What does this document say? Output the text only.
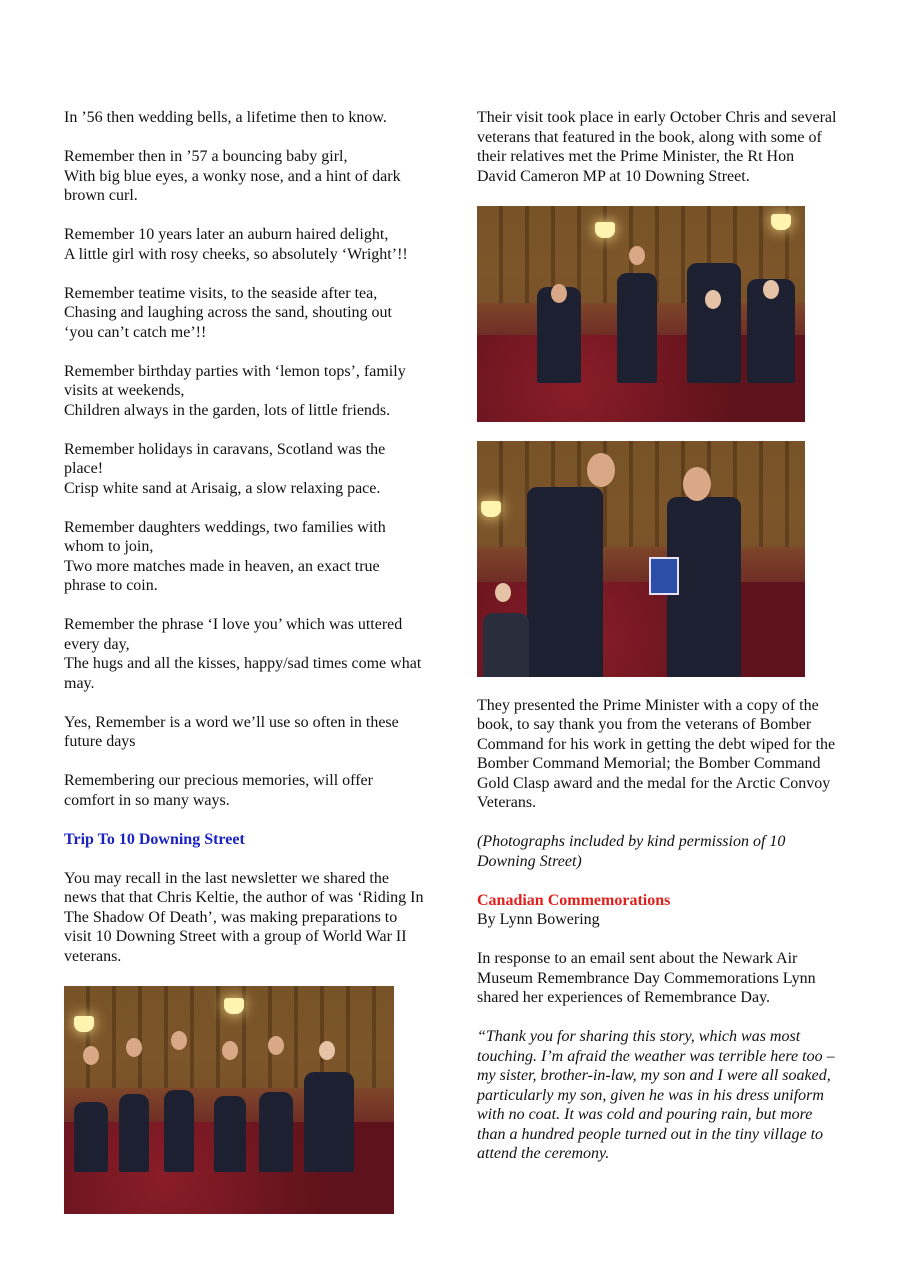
In ’56 then wedding bells, a lifetime then to know.

Remember then in ’57 a bouncing baby girl,
With big blue eyes, a wonky nose, and a hint of dark brown curl.

Remember 10 years later an auburn haired delight,
A little girl with rosy cheeks, so absolutely ‘Wright’!!

Remember teatime visits, to the seaside after tea,
Chasing and laughing across the sand, shouting out ‘you can’t catch me’!!

Remember birthday parties with ‘lemon tops’, family visits at weekends,
Children always in the garden, lots of little friends.

Remember holidays in caravans, Scotland was the place!
Crisp white sand at Arisaig, a slow relaxing pace.

Remember daughters weddings, two families with whom to join,
Two more matches made in heaven, an exact true phrase to coin.

Remember the phrase ‘I love you’ which was uttered every day,
The hugs and all the kisses, happy/sad times come what may.

Yes, Remember is a word we’ll use so often in these future days

Remembering our precious memories, will offer comfort in so many ways.

Trip To 10 Downing Street

You may recall in the last newsletter we shared the news that that Chris Keltie, the author of was ‘Riding In The Shadow Of Death’, was making preparations to visit 10 Downing Street with a group of World War II veterans.

Their visit took place in early October Chris and several veterans that featured in the book, along with some of their relatives met the Prime Minister, the Rt Hon David Cameron MP at 10 Downing Street.

They presented the Prime Minister with a copy of the book, to say thank you from the veterans of Bomber Command for his work in getting the debt wiped for the Bomber Command Memorial; the Bomber Command Gold Clasp award and the medal for the Arctic Convoy Veterans.

(Photographs included by kind permission of 10 Downing Street)

Canadian Commemorations
By Lynn Bowering

In response to an email sent about the Newark Air Museum Remembrance Day Commemorations Lynn shared her experiences of Remembrance Day.

“Thank you for sharing this story, which was most touching. I’m afraid the weather was terrible here too – my sister, brother-in-law, my son and I were all soaked, particularly my son, given he was in his dress uniform with no coat. It was cold and pouring rain, but more than a hundred people turned out in the tiny village to attend the ceremony.
